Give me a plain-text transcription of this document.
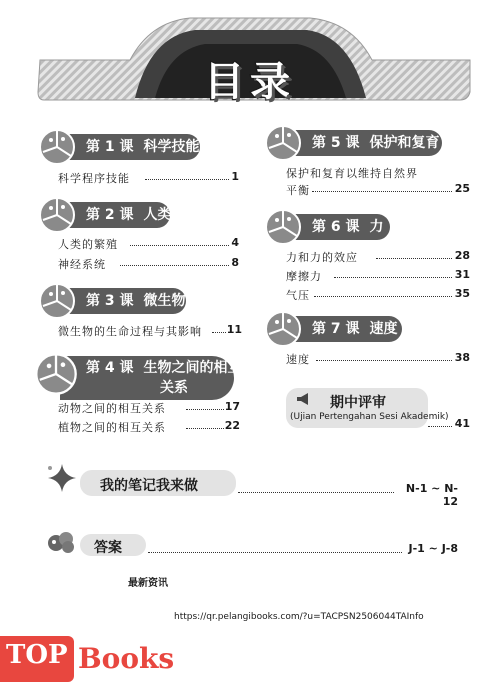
目录
第 1 课 科学技能
科学程序技能	1
第 2 课 人类
人类的繁殖	4
神经系统	8
第 3 课 微生物
微生物的生命过程与其影响 11
第 4 课 生物之间的相互
关系
动物之间的相互关系	17
植物之间的相互关系	22
第 5 课 保护和复育
保护和复育以维持自然界
平衡	25
第 6 课 力
力和力的效应	28
摩擦力	31
气压	35
第 7 课 速度
速度	38
期中评审
(Ujian Pertengahan Sesi Akademik) 41
我的笔记我来做	N-1 ~ N-12
答案	J-1 ~ J-8
最新资讯
https://qr.pelangibooks.com/?u=TACPSN2506044TAInfo
TOP Books
